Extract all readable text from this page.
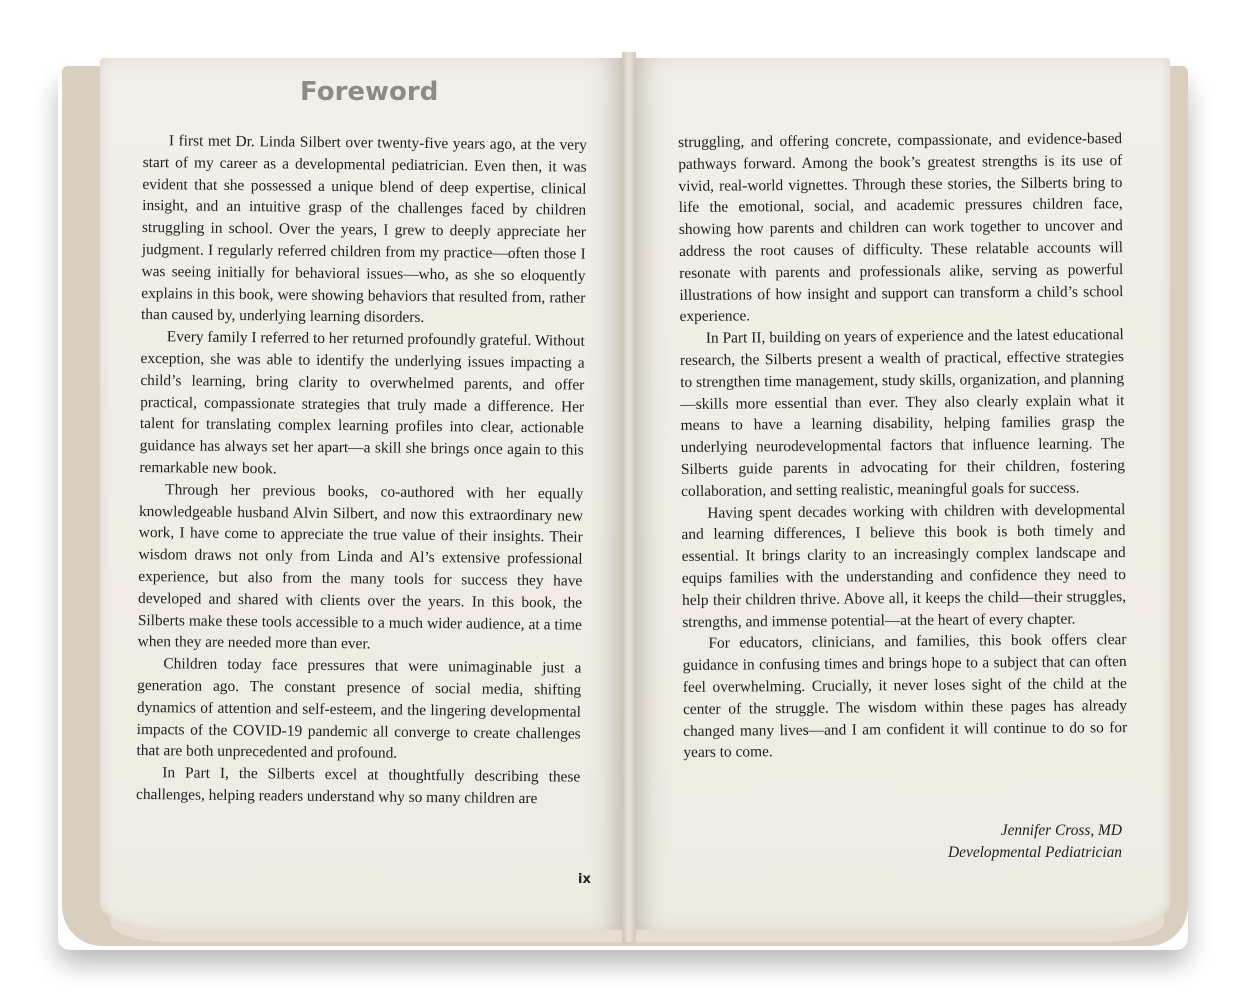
Foreword

I first met Dr. Linda Silbert over twenty-five years ago, at the very start of my career as a developmental pediatrician. Even then, it was evident that she possessed a unique blend of deep expertise, clinical insight, and an intuitive grasp of the challenges faced by children struggling in school. Over the years, I grew to deeply appreciate her judgment. I regularly referred children from my practice—often those I was seeing initially for behavioral issues—who, as she so eloquently explains in this book, were showing behaviors that resulted from, rather than caused by, underlying learning disorders.

Every family I referred to her returned profoundly grateful. Without exception, she was able to identify the underlying issues impacting a child’s learning, bring clarity to overwhelmed parents, and offer practical, compassionate strategies that truly made a difference. Her talent for translating complex learning profiles into clear, actionable guidance has always set her apart—a skill she brings once again to this remarkable new book.

Through her previous books, co-authored with her equally knowledgeable husband Alvin Silbert, and now this extraordinary new work, I have come to appreciate the true value of their insights. Their wisdom draws not only from Linda and Al’s extensive professional experience, but also from the many tools for success they have developed and shared with clients over the years. In this book, the Silberts make these tools accessible to a much wider audience, at a time when they are needed more than ever.

Children today face pressures that were unimaginable just a generation ago. The constant presence of social media, shifting dynamics of attention and self-esteem, and the lingering developmental impacts of the COVID-19 pandemic all converge to create challenges that are both unprecedented and profound.

In Part I, the Silberts excel at thoughtfully describing these challenges, helping readers understand why so many children are

ix

struggling, and offering concrete, compassionate, and evidence-based pathways forward. Among the book’s greatest strengths is its use of vivid, real-world vignettes. Through these stories, the Silberts bring to life the emotional, social, and academic pressures children face, showing how parents and children can work together to uncover and address the root causes of difficulty. These relatable accounts will resonate with parents and professionals alike, serving as powerful illustrations of how insight and support can transform a child’s school experience.

In Part II, building on years of experience and the latest educational research, the Silberts present a wealth of practical, effective strategies to strengthen time management, study skills, organization, and planning—skills more essential than ever. They also clearly explain what it means to have a learning disability, helping families grasp the underlying neurodevelopmental factors that influence learning. The Silberts guide parents in advocating for their children, fostering collaboration, and setting realistic, meaningful goals for success.

Having spent decades working with children with developmental and learning differences, I believe this book is both timely and essential. It brings clarity to an increasingly complex landscape and equips families with the understanding and confidence they need to help their children thrive. Above all, it keeps the child—their struggles, strengths, and immense potential—at the heart of every chapter.

For educators, clinicians, and families, this book offers clear guidance in confusing times and brings hope to a subject that can often feel overwhelming. Crucially, it never loses sight of the child at the center of the struggle. The wisdom within these pages has already changed many lives—and I am confident it will continue to do so for years to come.

Jennifer Cross, MD
Developmental Pediatrician
